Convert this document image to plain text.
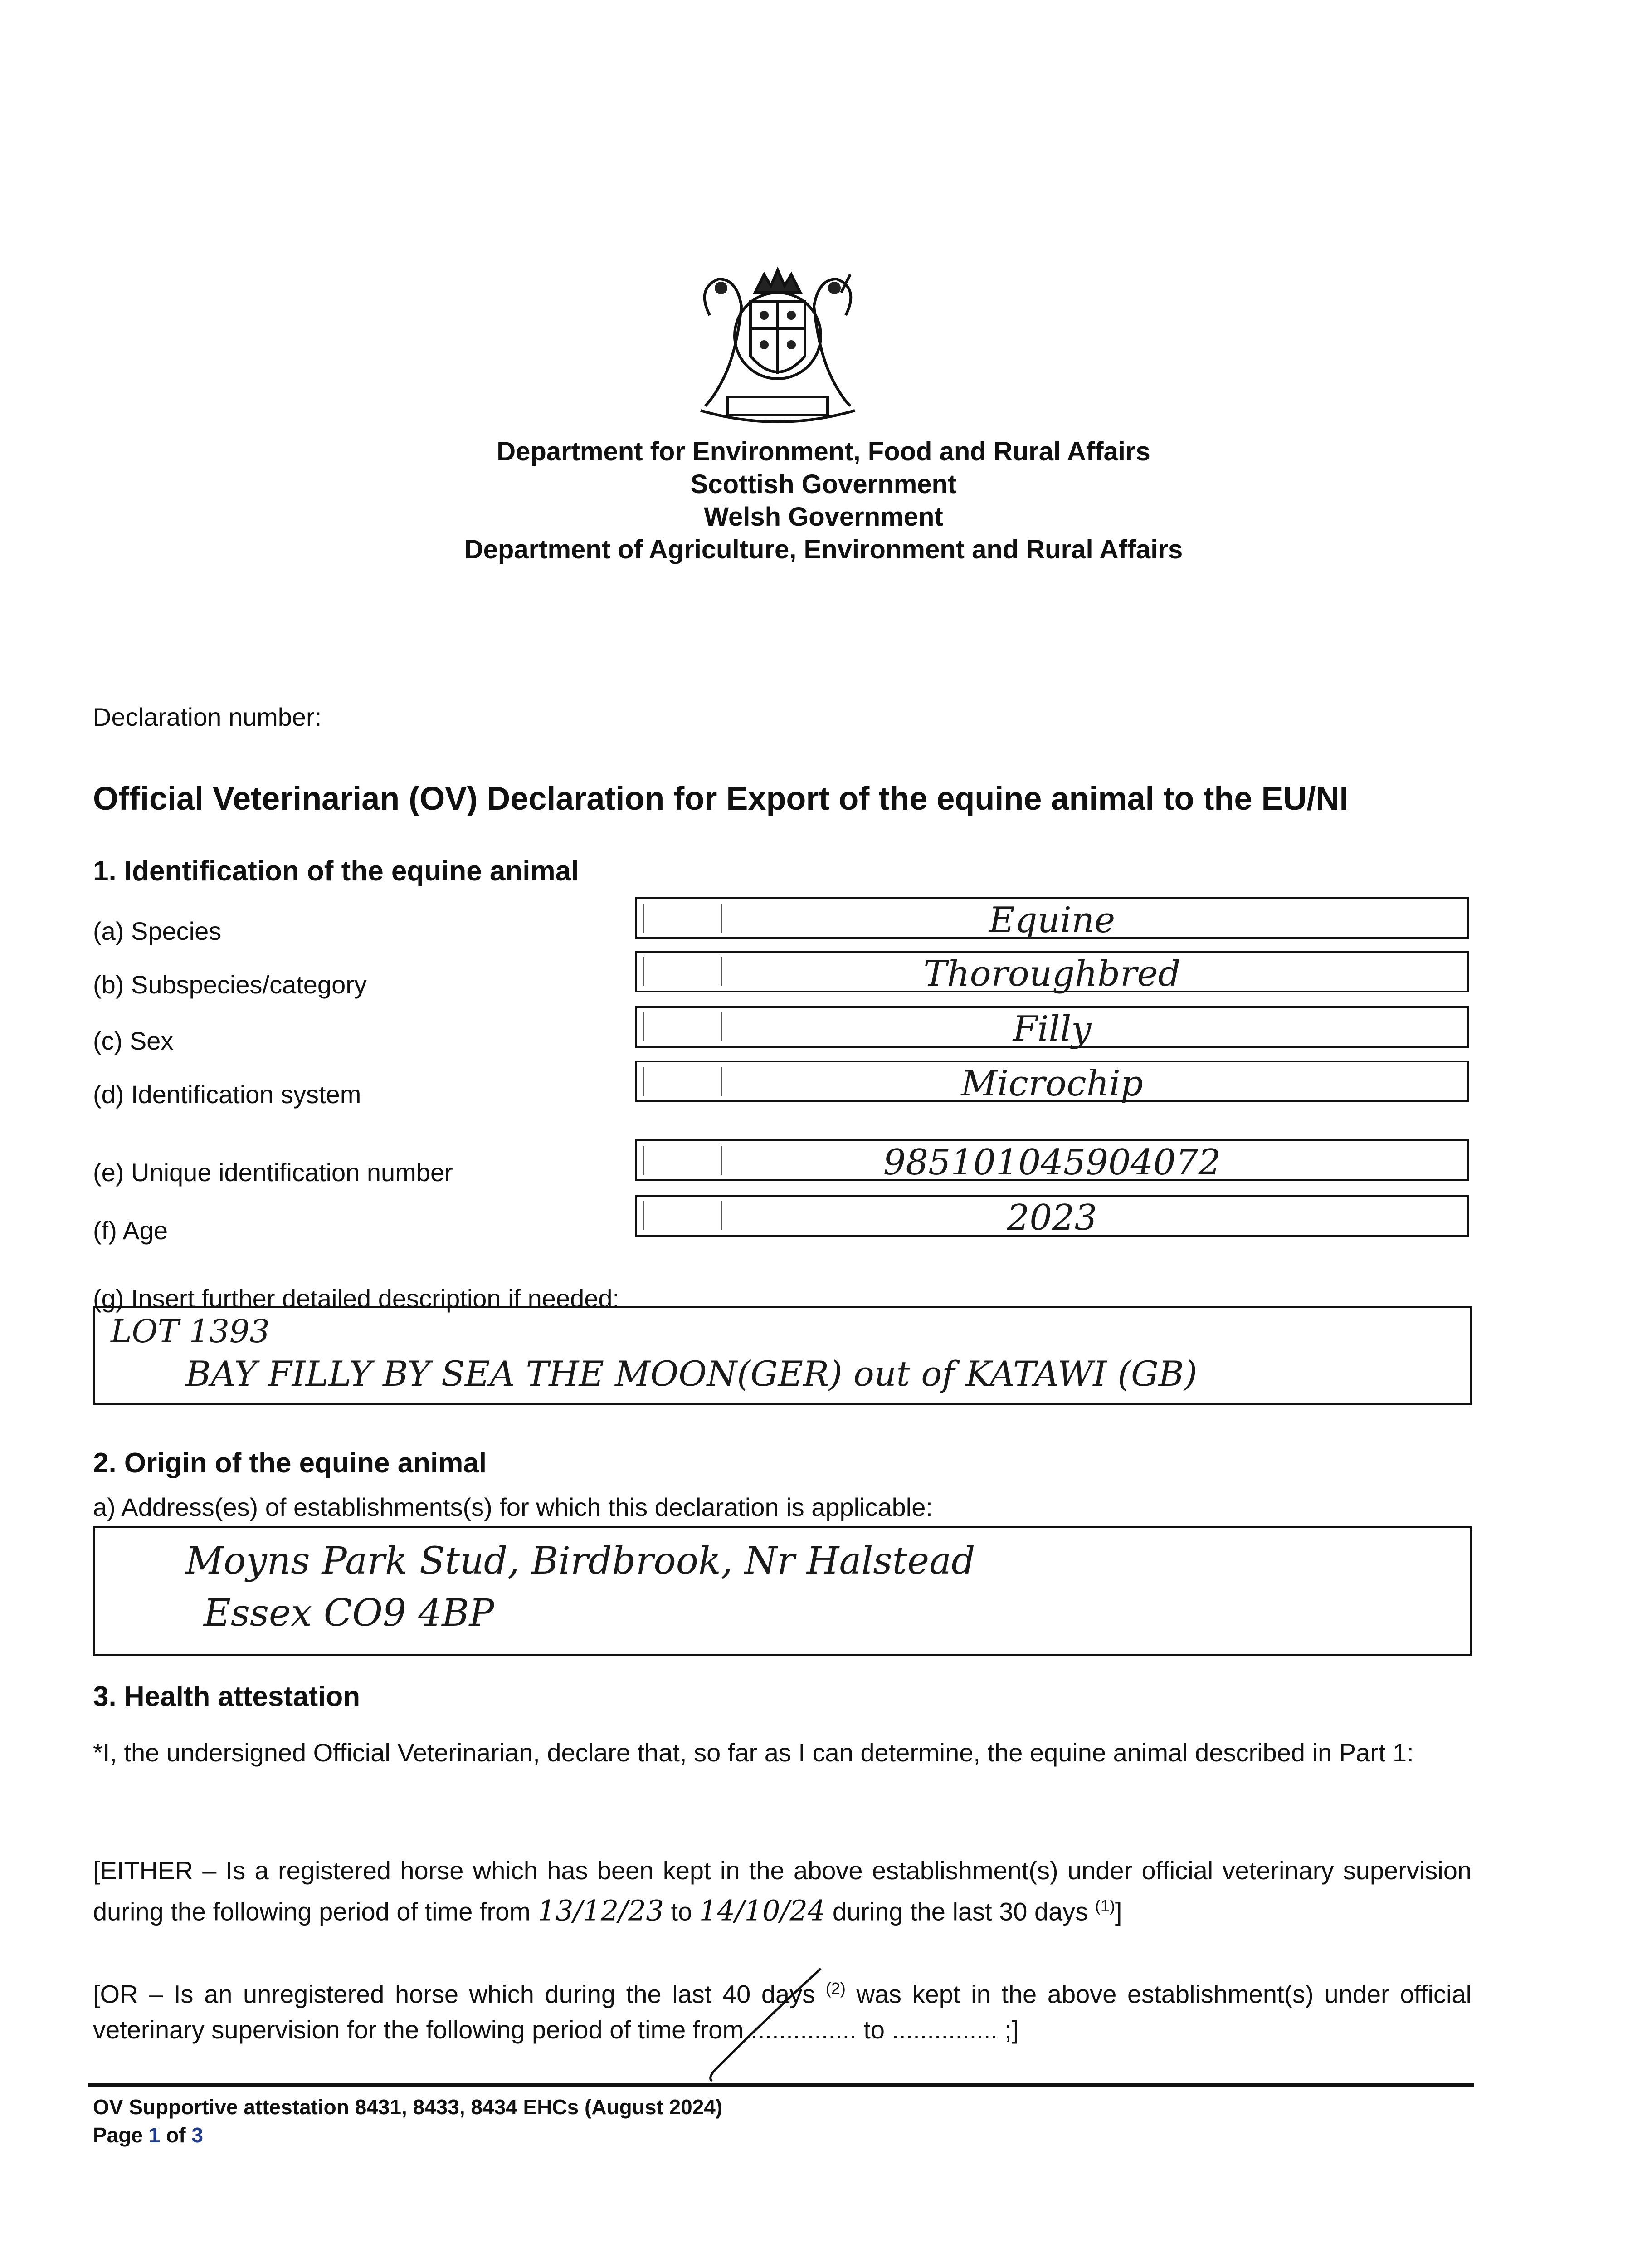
Department for Environment, Food and Rural Affairs
Scottish Government
Welsh Government
Department of Agriculture, Environment and Rural Affairs
Declaration number:
Official Veterinarian (OV) Declaration for Export of the equine animal to the EU/NI
1. Identification of the equine animal
(a) Species	Equine
(b) Subspecies/category	Thoroughbred
(c) Sex	Filly
(d) Identification system	Microchip
(e) Unique identification number	985101045904072
(f) Age	2023
(g) Insert further detailed description if needed:
LOT 1393
BAY FILLY BY SEA THE MOON(GER) out of KATAWI (GB)
2. Origin of the equine animal
a) Address(es) of establishments(s) for which this declaration is applicable:
Moyns Park Stud, Birdbrook, Nr Halstead
Essex CO9 4BP
3. Health attestation
*I, the undersigned Official Veterinarian, declare that, so far as I can determine, the equine animal described in Part 1:
[EITHER – Is a registered horse which has been kept in the above establishment(s) under official veterinary supervision during the following period of time from 13/12/23 to 14/10/24 during the last 30 days $^{(1)}$]
[OR – Is an unregistered horse which during the last 40 days $^{(2)}$ was kept in the above establishment(s) under official veterinary supervision for the following period of time from ............... to ............... ;]
OV Supportive attestation 8431, 8433, 8434 EHCs (August 2024)
Page 1 of 3
